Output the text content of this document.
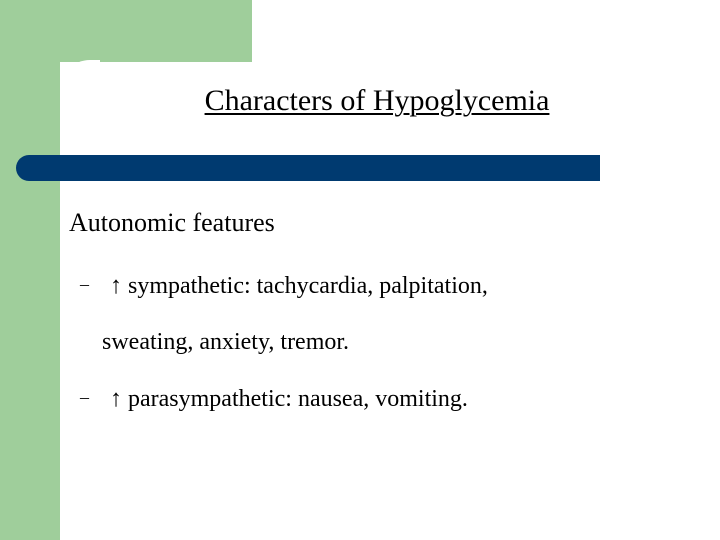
Characters of Hypoglycemia
Autonomic features
– ↑ sympathetic: tachycardia, palpitation,
sweating, anxiety, tremor.
– ↑ parasympathetic: nausea, vomiting.
